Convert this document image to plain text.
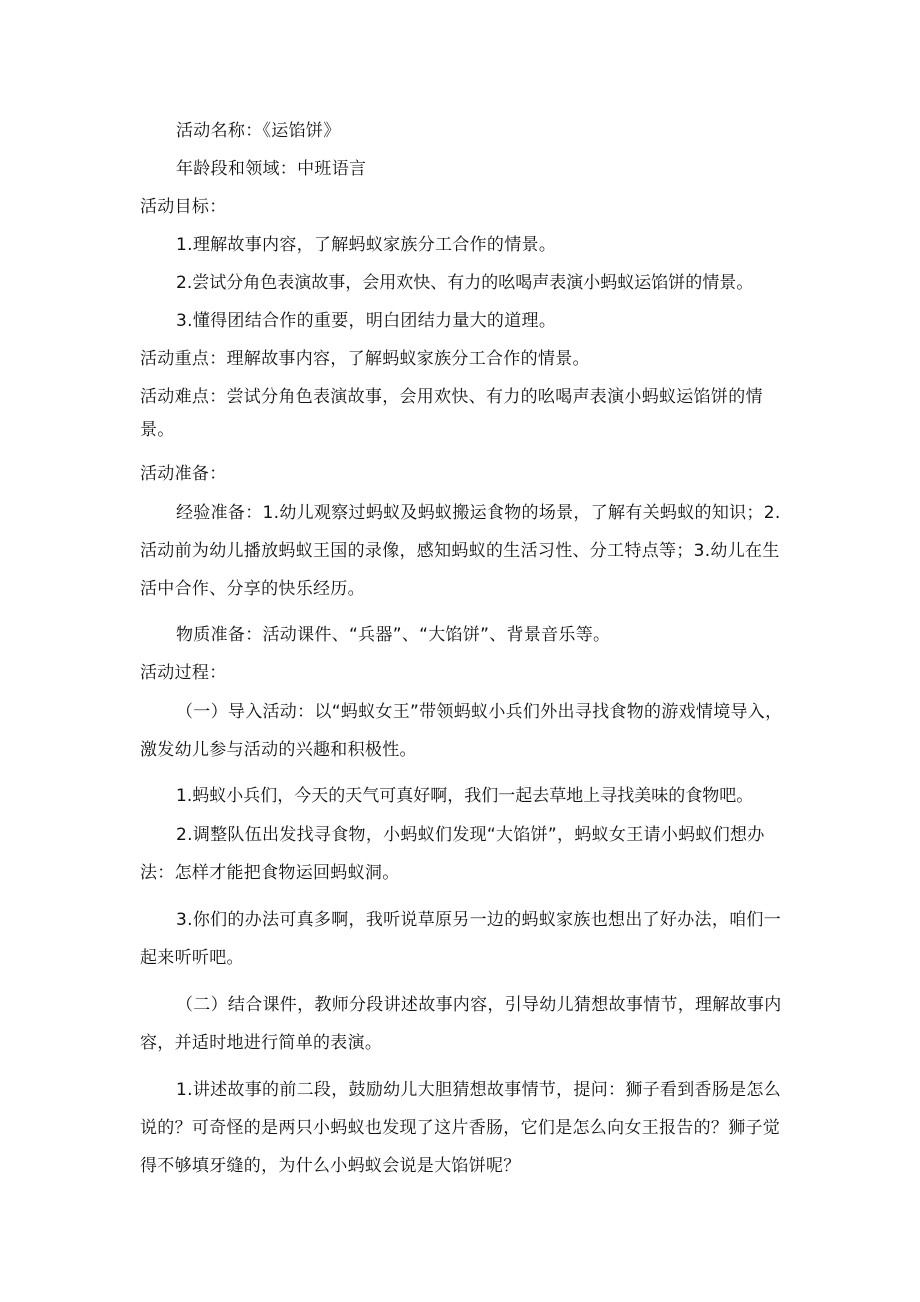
活动名称：《运馅饼》

年龄段和领域：中班语言

活动目标：

1.理解故事内容，了解蚂蚁家族分工合作的情景。

2.尝试分角色表演故事，会用欢快、有力的吆喝声表演小蚂蚁运馅饼的情景。

3.懂得团结合作的重要，明白团结力量大的道理。

活动重点：理解故事内容，了解蚂蚁家族分工合作的情景。

活动难点：尝试分角色表演故事，会用欢快、有力的吆喝声表演小蚂蚁运馅饼的情景。

活动准备：

经验准备：1.幼儿观察过蚂蚁及蚂蚁搬运食物的场景，了解有关蚂蚁的知识；2.活动前为幼儿播放蚂蚁王国的录像，感知蚂蚁的生活习性、分工特点等；3.幼儿在生活中合作、分享的快乐经历。

物质准备：活动课件、“兵器”、“大馅饼”、背景音乐等。

活动过程：

（一）导入活动：以“蚂蚁女王”带领蚂蚁小兵们外出寻找食物的游戏情境导入，激发幼儿参与活动的兴趣和积极性。

1.蚂蚁小兵们，今天的天气可真好啊，我们一起去草地上寻找美味的食物吧。

2.调整队伍出发找寻食物，小蚂蚁们发现“大馅饼”，蚂蚁女王请小蚂蚁们想办法：怎样才能把食物运回蚂蚁洞。

3.你们的办法可真多啊，我听说草原另一边的蚂蚁家族也想出了好办法，咱们一起来听听吧。

（二）结合课件，教师分段讲述故事内容，引导幼儿猜想故事情节，理解故事内容，并适时地进行简单的表演。

1.讲述故事的前二段，鼓励幼儿大胆猜想故事情节，提问：狮子看到香肠是怎么说的？可奇怪的是两只小蚂蚁也发现了这片香肠，它们是怎么向女王报告的？狮子觉得不够填牙缝的，为什么小蚂蚁会说是大馅饼呢？
